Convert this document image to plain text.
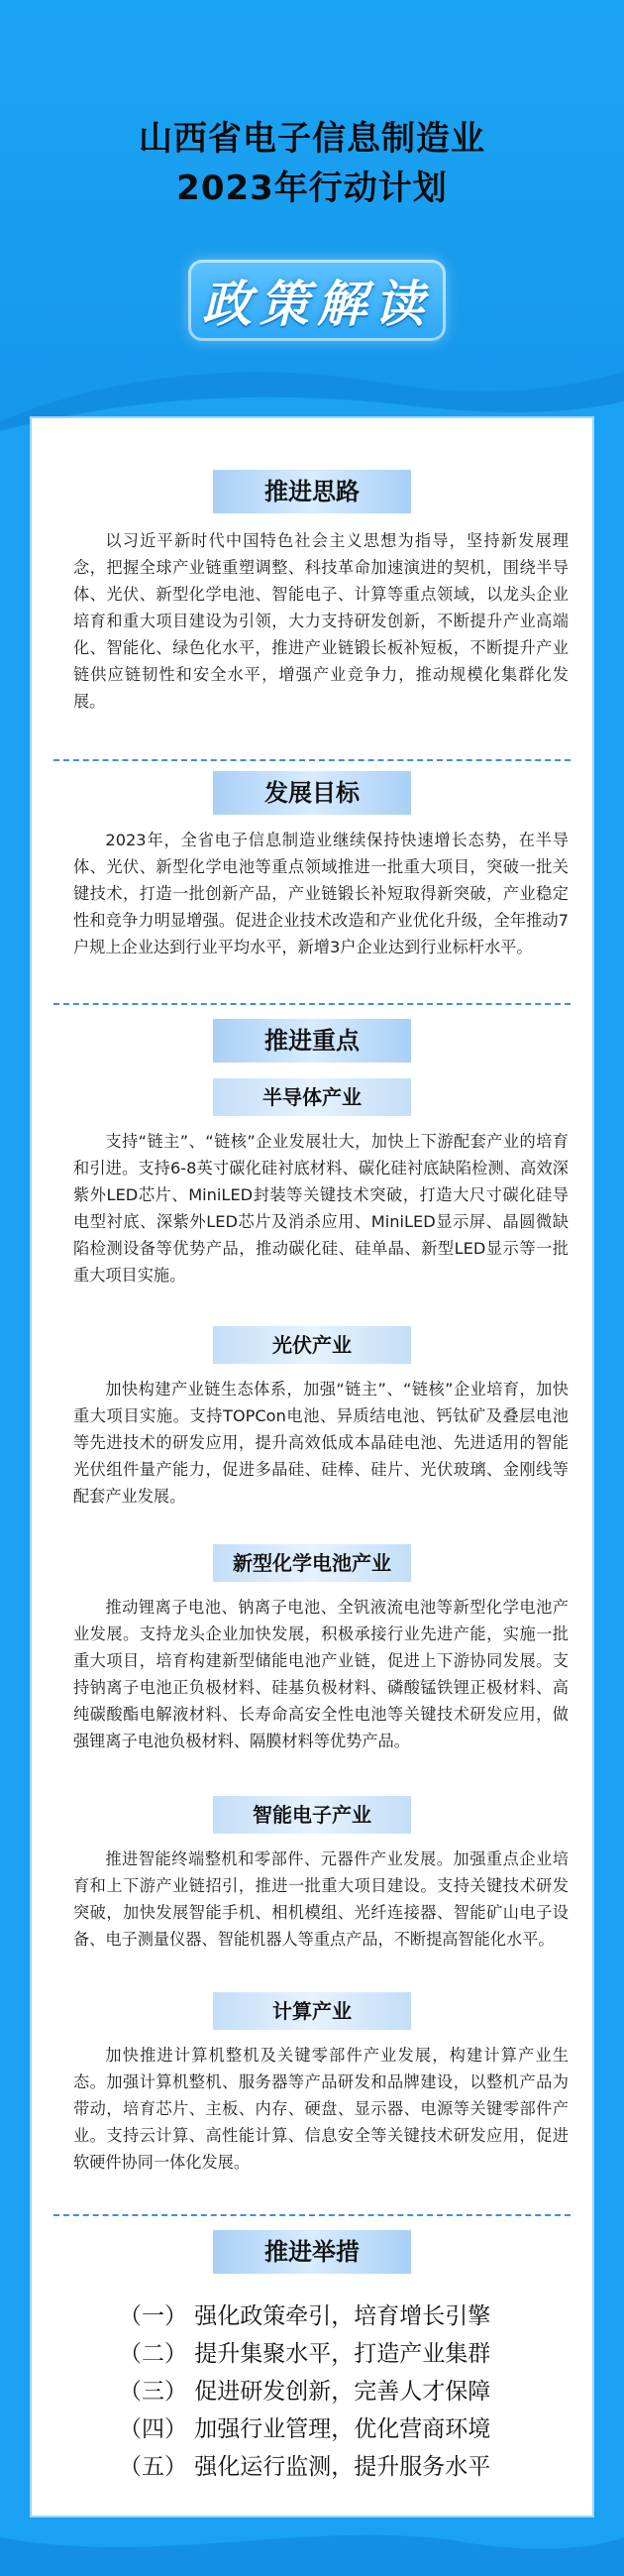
山西省电子信息制造业
2023年行动计划
政策解读
推进思路
以习近平新时代中国特色社会主义思想为指导，坚持新发展理念，把握全球产业链重塑调整、科技革命加速演进的契机，围绕半导体、光伏、新型化学电池、智能电子、计算等重点领域，以龙头企业培育和重大项目建设为引领，大力支持研发创新，不断提升产业高端化、智能化、绿色化水平，推进产业链锻长板补短板，不断提升产业链供应链韧性和安全水平，增强产业竞争力，推动规模化集群化发展。
发展目标
2023年，全省电子信息制造业继续保持快速增长态势，在半导体、光伏、新型化学电池等重点领域推进一批重大项目，突破一批关键技术，打造一批创新产品，产业链锻长补短取得新突破，产业稳定性和竞争力明显增强。促进企业技术改造和产业优化升级，全年推动7户规上企业达到行业平均水平，新增3户企业达到行业标杆水平。
推进重点
半导体产业
支持“链主”、“链核”企业发展壮大，加快上下游配套产业的培育和引进。支持6-8英寸碳化硅衬底材料、碳化硅衬底缺陷检测、高效深紫外LED芯片、MiniLED封装等关键技术突破，打造大尺寸碳化硅导电型衬底、深紫外LED芯片及消杀应用、MiniLED显示屏、晶圆微缺陷检测设备等优势产品，推动碳化硅、硅单晶、新型LED显示等一批重大项目实施。
光伏产业
加快构建产业链生态体系，加强“链主”、“链核”企业培育，加快重大项目实施。支持TOPCon电池、异质结电池、钙钛矿及叠层电池等先进技术的研发应用，提升高效低成本晶硅电池、先进适用的智能光伏组件量产能力，促进多晶硅、硅棒、硅片、光伏玻璃、金刚线等配套产业发展。
新型化学电池产业
推动锂离子电池、钠离子电池、全钒液流电池等新型化学电池产业发展。支持龙头企业加快发展，积极承接行业先进产能，实施一批重大项目，培育构建新型储能电池产业链，促进上下游协同发展。支持钠离子电池正负极材料、硅基负极材料、磷酸锰铁锂正极材料、高纯碳酸酯电解液材料、长寿命高安全性电池等关键技术研发应用，做强锂离子电池负极材料、隔膜材料等优势产品。
智能电子产业
推进智能终端整机和零部件、元器件产业发展。加强重点企业培育和上下游产业链招引，推进一批重大项目建设。支持关键技术研发突破，加快发展智能手机、相机模组、光纤连接器、智能矿山电子设备、电子测量仪器、智能机器人等重点产品，不断提高智能化水平。
计算产业
加快推进计算机整机及关键零部件产业发展，构建计算产业生态。加强计算机整机、服务器等产品研发和品牌建设，以整机产品为带动，培育芯片、主板、内存、硬盘、显示器、电源等关键零部件产业。支持云计算、高性能计算、信息安全等关键技术研发应用，促进软硬件协同一体化发展。
推进举措
（一） 强化政策牵引，培育增长引擎
（二） 提升集聚水平，打造产业集群
（三） 促进研发创新，完善人才保障
（四） 加强行业管理，优化营商环境
（五） 强化运行监测，提升服务水平
